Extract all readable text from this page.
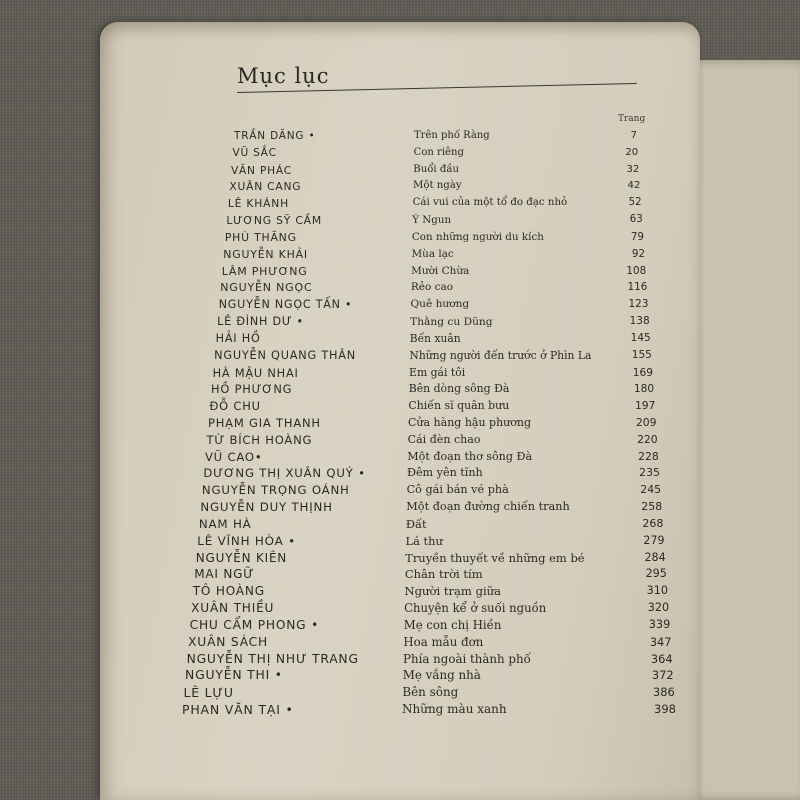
Mục lục
Trang
TRẦN DĂNG •	Trên phố Ràng	7
VŨ SẮC	Con riêng	20
VĂN PHÁC	Buổi đầu	32
XUÂN CANG	Một ngày	42
LÊ KHÁNH	Cái vui của một tổ đo đạc nhỏ	52
LƯƠNG SỸ CẦM	Ý Ngun	63
PHÙ THĂNG	Con những người du kích	79
NGUYỄN KHẢI	Mùa lạc	92
LÂM PHƯƠNG	Mười Chừa	108
NGUYỄN NGỌC	Rẻo cao	116
NGUYỄN NGỌC TẤN •	Quê hương	123
LÊ ĐÌNH DƯ •	Thằng cu Dũng	138
HẢI HỒ	Bến xuân	145
NGUYỄN QUANG THÂN	Những người đến trước ở Phìn La	155
HÀ MẬU NHAI	Em gái tôi	169
HỒ PHƯƠNG	Bên dòng sông Đà	180
ĐỖ CHU	Chiến sĩ quân bưu	197
PHẠM GIA THANH	Cửa hàng hậu phương	209
TỪ BÍCH HOÀNG	Cái đèn chao	220
VŨ CAO•	Một đoạn thơ sông Đà	228
DƯƠNG THỊ XUÂN QUÝ •	Đêm yên tĩnh	235
NGUYỄN TRỌNG OÁNH	Cô gái bán vé phà	245
NGUYỄN DUY THỊNH	Một đoạn đường chiến tranh	258
NAM HÀ	Đất	268
LÊ VĨNH HÒA •	Lá thư	279
NGUYỄN KIÊN	Truyền thuyết về những em bé	284
MAI NGỮ	Chân trời tím	295
TÔ HOÀNG	Người trạm giữa	310
XUÂN THIỀU	Chuyện kể ở suối nguồn	320
CHU CẨM PHONG •	Mẹ con chị Hiền	339
XUÂN SÁCH	Hoa mẫu đơn	347
NGUYỄN THỊ NHƯ TRANG	Phía ngoài thành phố	364
NGUYỄN THI •	Mẹ vắng nhà	372
LÊ LỰU	Bên sông	386
PHAN VĂN TẠI •	Những màu xanh	398
